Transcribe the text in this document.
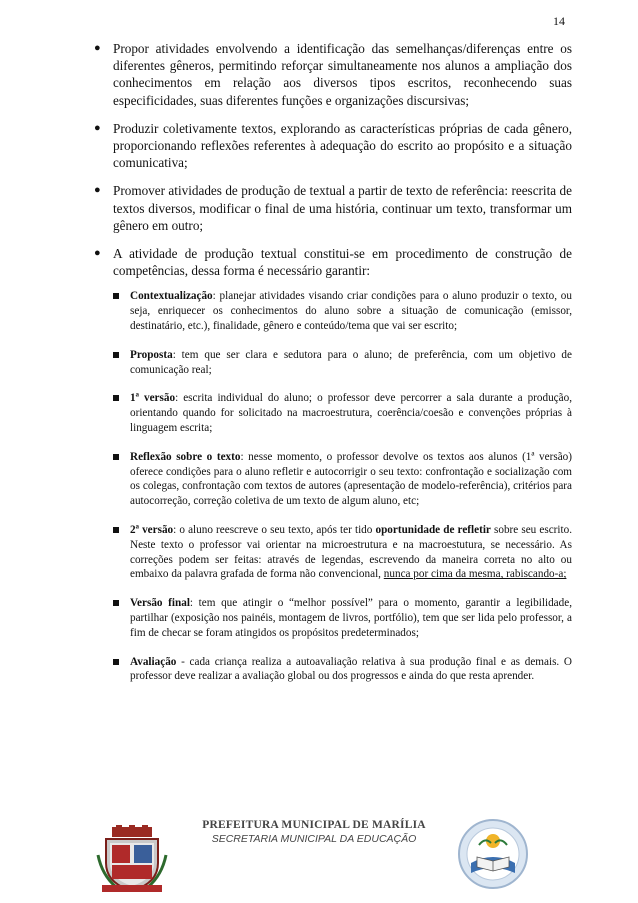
14
● Propor atividades envolvendo a identificação das semelhanças/diferenças entre os diferentes gêneros, permitindo reforçar simultaneamente nos alunos a ampliação dos conhecimentos em relação aos diversos tipos escritos, reconhecendo suas especificidades, suas diferentes funções e organizações discursivas;
● Produzir coletivamente textos, explorando as características próprias de cada gênero, proporcionando reflexões referentes à adequação do escrito ao propósito e a situação comunicativa;
● Promover atividades de produção de textual a partir de texto de referência: reescrita de textos diversos, modificar o final de uma história, continuar um texto, transformar um gênero em outro;
● A atividade de produção textual constitui-se em procedimento de construção de competências, dessa forma é necessário garantir:
Contextualização: planejar atividades visando criar condições para o aluno produzir o texto, ou seja, enriquecer os conhecimentos do aluno sobre a situação de comunicação (emissor, destinatário, etc.), finalidade, gênero e conteúdo/tema que vai ser escrito;
Proposta: tem que ser clara e sedutora para o aluno; de preferência, com um objetivo de comunicação real;
1ª versão: escrita individual do aluno; o professor deve percorrer a sala durante a produção, orientando quando for solicitado na macroestrutura, coerência/coesão e convenções próprias à linguagem escrita;
Reflexão sobre o texto: nesse momento, o professor devolve os textos aos alunos (1ª versão) oferece condições para o aluno refletir e autocorrigir o seu texto: confrontação e socialização com os colegas, confrontação com textos de autores (apresentação de modelo-referência), critérios para autocorreção, correção coletiva de um texto de algum aluno, etc;
2ª versão: o aluno reescreve o seu texto, após ter tido oportunidade de refletir sobre seu escrito. Neste texto o professor vai orientar na microestrutura e na macroestutura, se necessário. As correções podem ser feitas: através de legendas, escrevendo da maneira correta no alto ou embaixo da palavra grafada de forma não convencional, nunca por cima da mesma, rabiscando-a;
Versão final: tem que atingir o “melhor possível” para o momento, garantir a legibilidade, partilhar (exposição nos painéis, montagem de livros, portfólio), tem que ser lida pelo professor, a fim de checar se foram atingidos os propósitos predeterminados;
Avaliação - cada criança realiza a autoavaliação relativa à sua produção final e as demais. O professor deve realizar a avaliação global ou dos progressos e ainda do que resta aprender.
PREFEITURA MUNICIPAL DE MARÍLIA
SECRETARIA MUNICIPAL DA EDUCAÇÃO
